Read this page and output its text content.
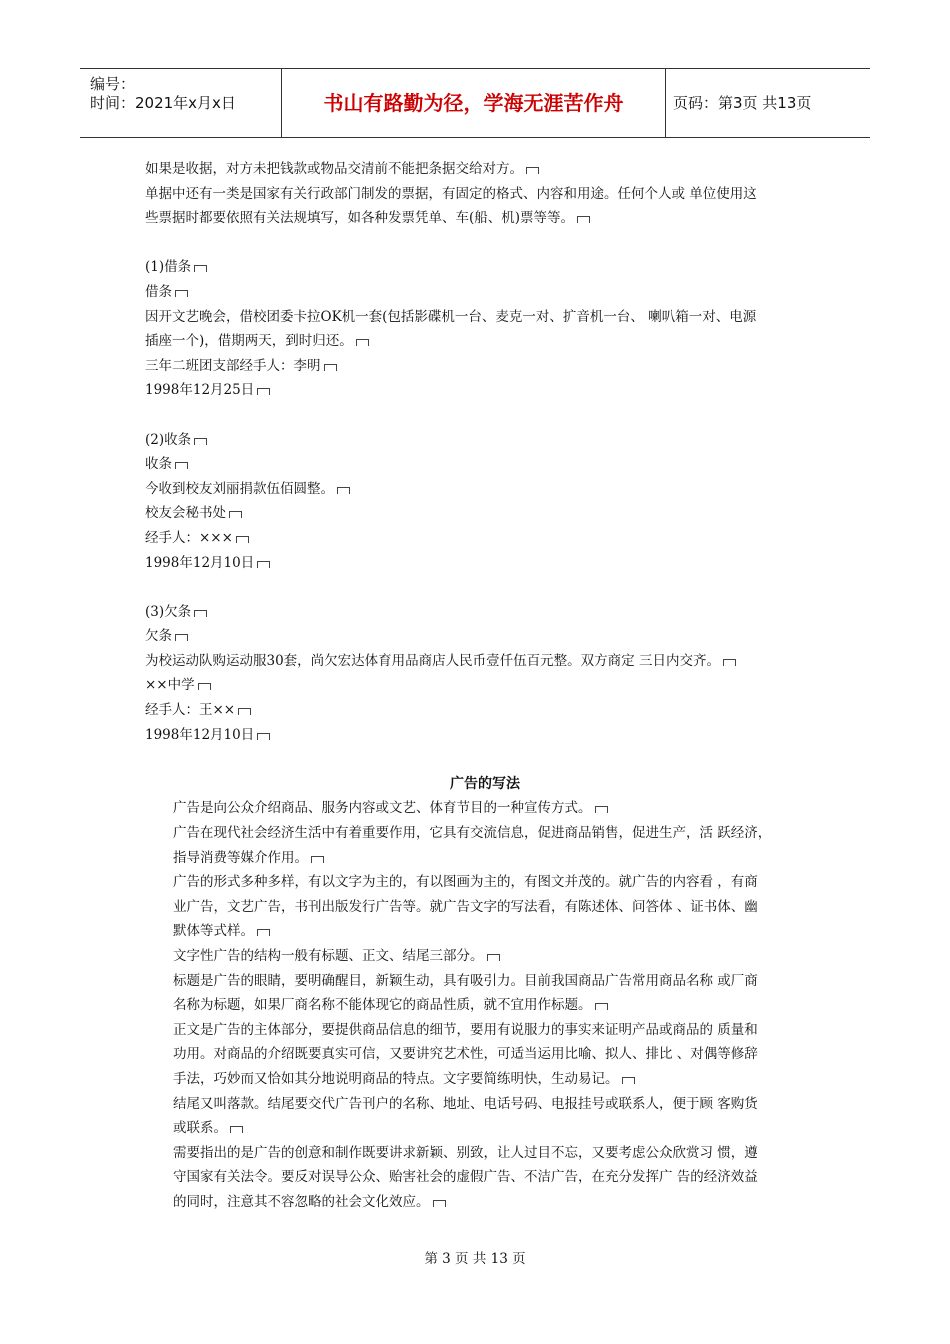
编号：
时间：2021年x月x日	书山有路勤为径，学海无涯苦作舟	页码：第3页 共13页

如果是收据，对方未把钱款或物品交清前不能把条据交给对方。

单据中还有一类是国家有关行政部门制发的票据，有固定的格式、内容和用途。任何个人或 单位使用这

些票据时都要依照有关法规填写，如各种发票凭单、车(船、机)票等等。

(1)借条

借条

因开文艺晚会，借校团委卡拉OK机一套(包括影碟机一台、麦克一对、扩音机一台、 喇叭箱一对、电源

插座一个)，借期两天，到时归还。

三年二班团支部经手人：李明

1998年12月25日

(2)收条

收条

今收到校友刘丽捐款伍佰圆整。

校友会秘书处

经手人：×××

1998年12月10日

(3)欠条

欠条

为校运动队购运动服30套，尚欠宏达体育用品商店人民币壹仟伍百元整。双方商定 三日内交齐。

××中学

经手人：王××

1998年12月10日

广告的写法

广告是向公众介绍商品、服务内容或文艺、体育节目的一种宣传方式。

广告在现代社会经济生活中有着重要作用，它具有交流信息，促进商品销售，促进生产，活 跃经济，

指导消费等媒介作用。

广告的形式多种多样，有以文字为主的，有以图画为主的，有图文并茂的。就广告的内容看 ，有商

业广告，文艺广告，书刊出版发行广告等。就广告文字的写法看，有陈述体、问答体 、证书体、幽

默体等式样。

文字性广告的结构一般有标题、正文、结尾三部分。

标题是广告的眼睛，要明确醒目，新颖生动，具有吸引力。目前我国商品广告常用商品名称 或厂商

名称为标题，如果厂商名称不能体现它的商品性质，就不宜用作标题。

正文是广告的主体部分，要提供商品信息的细节，要用有说服力的事实来证明产品或商品的 质量和

功用。对商品的介绍既要真实可信，又要讲究艺术性，可适当运用比喻、拟人、排比 、对偶等修辞

手法，巧妙而又恰如其分地说明商品的特点。文字要简练明快，生动易记。

结尾又叫落款。结尾要交代广告刊户的名称、地址、电话号码、电报挂号或联系人，便于顾 客购货

或联系。

需要指出的是广告的创意和制作既要讲求新颖、别致，让人过目不忘，又要考虑公众欣赏习 惯，遵

守国家有关法令。要反对误导公众、贻害社会的虚假广告、不洁广告，在充分发挥广 告的经济效益

的同时，注意其不容忽略的社会文化效应。

第 3 页 共 13 页
